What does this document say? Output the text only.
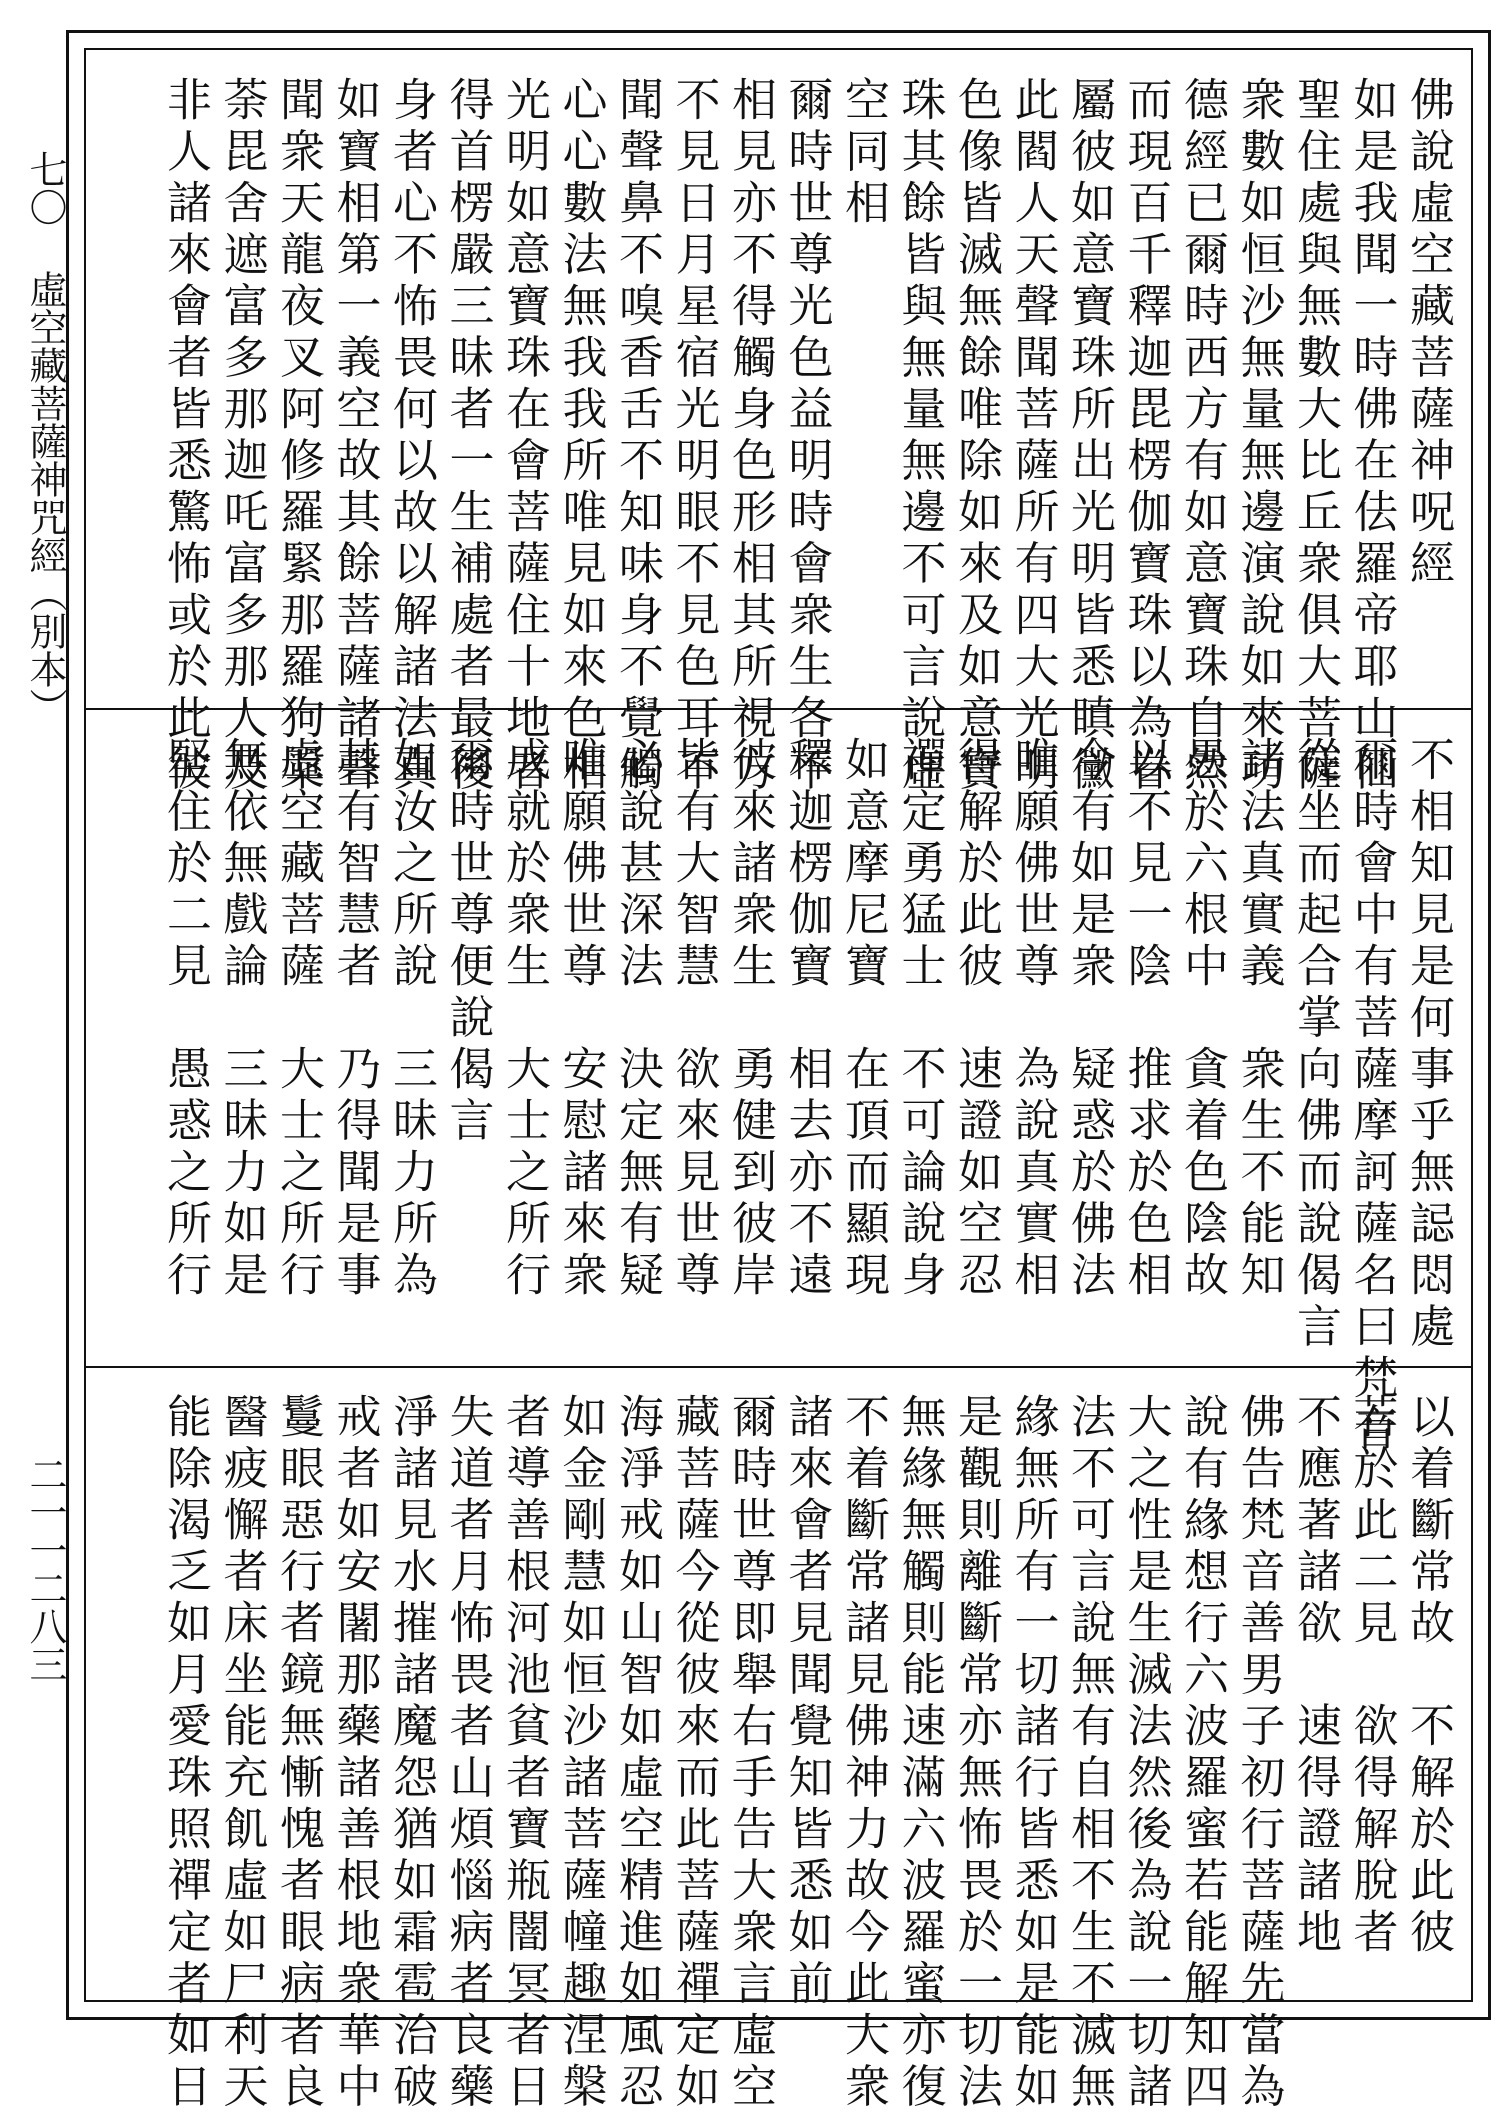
七〇
虛空藏菩薩神咒經（別本）
二一一二八三
佛說虛空藏菩薩神呪經
如是我聞一時佛在佉羅帝耶山仙
聖住處與無數大比丘衆俱大菩薩
衆數如恒沙無量無邊演說如來功
德經已爾時西方有如意寶珠自然
而現百千釋迦毘楞伽寶珠以為眷
屬彼如意寶珠所出光明皆悉瞋黴
此閻人天聲聞菩薩所有四大光明
色像皆滅無餘唯除如來及如意寶
珠其餘皆與無量無邊不可言說虛
空同相
爾時世尊光色益明時會衆生各不
相見亦不得觸身色形相其所視方
不見日月星宿光明眼不見色耳不
聞聲鼻不嗅香舌不知味身不覺觸
心心數法無我我所唯見如來色相
光明如意寶珠在會菩薩住十地者
得首楞嚴三昧者一生補處者最後
身者心不怖畏何以故以解諸法真
如寶相第一義空故其餘菩薩諸聲
聞衆天龍夜叉阿修羅緊那羅狗槃
荼毘舍遮富多那迦吒富多那人及
非人諸來會者皆悉驚怖或於此彼
不相知見是何事乎無誋悶處
爾時會中有菩薩摩訶薩名曰梵音
從坐而起合掌向佛而說偈言
諸法真實義　衆生不能知
愚於六根中　貪着色陰故
以不見一陰　推求於色相
今有如是衆　疑惑於佛法
唯願佛世尊　為說真實相
得解於此彼　速證如空忍
禪定勇猛士　不可論說身
如意摩尼寶　在頂而顯現
釋迦楞伽寶　相去亦不遠
彼來諸衆生　勇健到彼岸
皆有大智慧　欲來見世尊
必說甚深法　決定無有疑
唯願佛世尊　安慰諸來衆
成就於衆生　大士之所行
爾時世尊便說偈言
如汝之所說　三昧力所為
其有智慧者　乃得聞是事
虛空藏菩薩　大士之所行
無依無戲論　三昧力如是
堅住於二見　愚惑之所行
以着斷常故　不解於此彼
若於此二見　欲得解脫者
不應著諸欲　速得證諸地
佛告梵音善男子初行菩薩先當為
說有緣想行六波羅蜜若能解知四
大之性是生滅法然後為說一切諸
法不可言說無有自相不生不滅無
緣無所有一切諸行皆悉如是能如
是觀則離斷常亦無怖畏於一切法
無緣無觸則能速滿六波羅蜜亦復
不着斷常諸見佛神力故今此大衆
諸來會者見聞覺知皆悉如前
爾時世尊即舉右手告大衆言虛空
藏菩薩今從彼來而此菩薩禪定如
海淨戒如山智如虛空精進如風忍
如金剛慧如恒沙諸菩薩幢趣涅槃
者導善根河池貧者寶瓶闇冥者日
失道者月怖畏者山煩惱病者良藥
淨諸見水摧諸魔怨猶如霜雹治破
戒者如安闍那藥諸善根地衆華中
鬘眼惡行者鏡無慚愧者眼病者良
醫疲懈者床坐能充飢虛如尸利天
能除渴乏如月愛珠照禪定者如日
